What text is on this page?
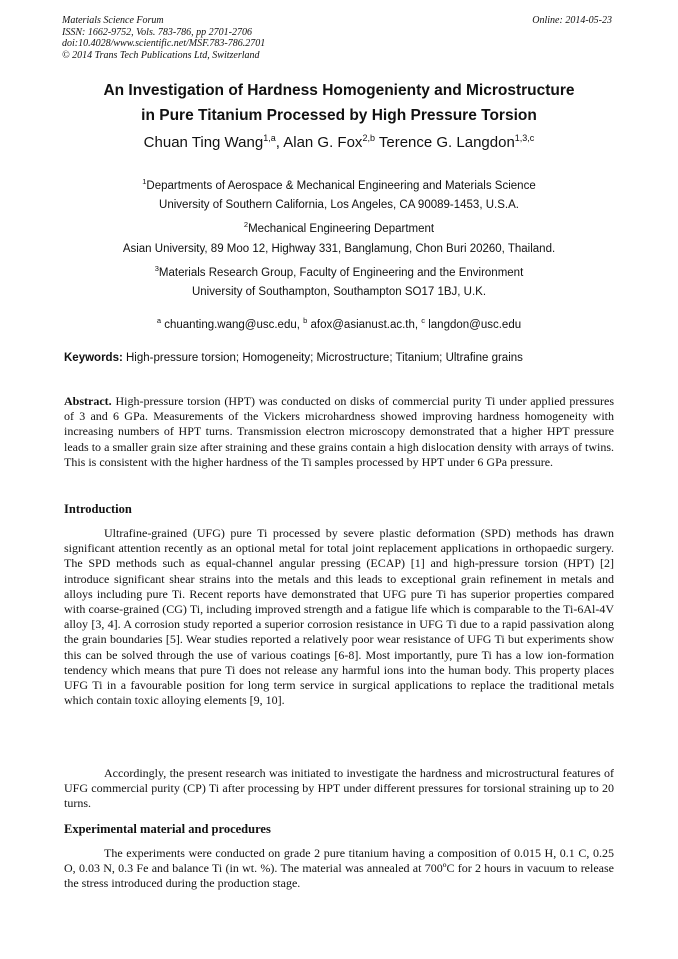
Materials Science Forum
ISSN: 1662-9752, Vols. 783-786, pp 2701-2706
doi:10.4028/www.scientific.net/MSF.783-786.2701
© 2014 Trans Tech Publications Ltd, Switzerland
Online: 2014-05-23
An Investigation of Hardness Homogenienty and Microstructure
in Pure Titanium Processed by High Pressure Torsion
Chuan Ting Wang$^{1,a}$, Alan G. Fox$^{2,b}$ Terence G. Langdon$^{1,3,c}$
$^1$Departments of Aerospace & Mechanical Engineering and Materials Science
University of Southern California, Los Angeles, CA 90089-1453, U.S.A.
$^2$Mechanical Engineering Department
Asian University, 89 Moo 12, Highway 331, Banglamung, Chon Buri 20260, Thailand.
$^3$Materials Research Group, Faculty of Engineering and the Environment
University of Southampton, Southampton SO17 1BJ, U.K.
$^a$ chuanting.wang@usc.edu, $^b$ afox@asianust.ac.th, $^c$ langdon@usc.edu
Keywords: High-pressure torsion; Homogeneity; Microstructure; Titanium; Ultrafine grains
Abstract. High-pressure torsion (HPT) was conducted on disks of commercial purity Ti under applied pressures of 3 and 6 GPa. Measurements of the Vickers microhardness showed improving hardness homogeneity with increasing numbers of HPT turns. Transmission electron microscopy demonstrated that a higher HPT pressure leads to a smaller grain size after straining and these grains contain a high dislocation density with arrays of twins. This is consistent with the higher hardness of the Ti samples processed by HPT under 6 GPa pressure.
Introduction
Ultrafine-grained (UFG) pure Ti processed by severe plastic deformation (SPD) methods has drawn significant attention recently as an optional metal for total joint replacement applications in orthopaedic surgery. The SPD methods such as equal-channel angular pressing (ECAP) [1] and high-pressure torsion (HPT) [2] introduce significant shear strains into the metals and this leads to exceptional grain refinement in metals and alloys including pure Ti. Recent reports have demonstrated that UFG pure Ti has superior properties compared with coarse-grained (CG) Ti, including improved strength and a fatigue life which is comparable to the Ti-6Al-4V alloy [3, 4]. A corrosion study reported a superior corrosion resistance in UFG Ti due to a rapid passivation along the grain boundaries [5]. Wear studies reported a relatively poor wear resistance of UFG Ti but experiments show this can be solved through the use of various coatings [6-8]. Most importantly, pure Ti has a low ion-formation tendency which means that pure Ti does not release any harmful ions into the human body. This property places UFG Ti in a favourable position for long term service in surgical applications to replace the traditional metals which contain toxic alloying elements [9, 10].
Accordingly, the present research was initiated to investigate the hardness and microstructural features of UFG commercial purity (CP) Ti after processing by HPT under different pressures for torsional straining up to 20 turns.
Experimental material and procedures
The experiments were conducted on grade 2 pure titanium having a composition of 0.015 H, 0.1 C, 0.25 O, 0.03 N, 0.3 Fe and balance Ti (in wt. %). The material was annealed at 700ºC for 2 hours in vacuum to release the stress introduced during the production stage.
